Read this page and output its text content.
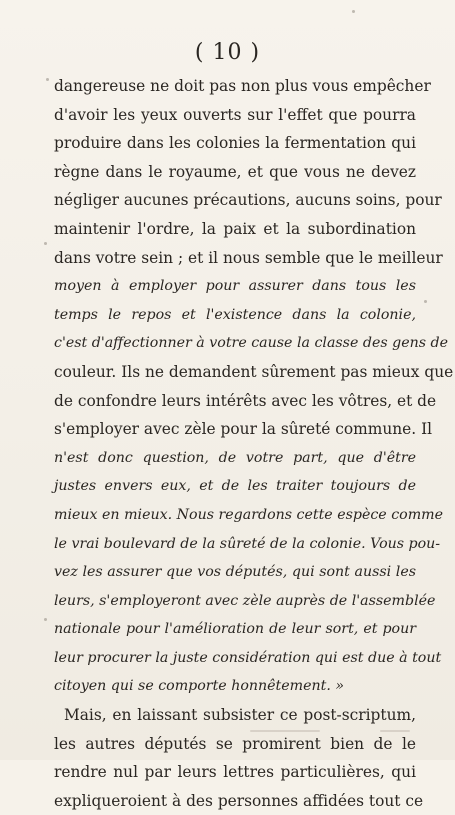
( 10 )
dangereuse ne doit pas non plus vous empêcher
d'avoir les yeux ouverts sur l'effet que pourra
produire dans les colonies la fermentation qui
règne dans le royaume, et que vous ne devez
négliger aucunes précautions, aucuns soins, pour
maintenir l'ordre, la paix et la subordination
dans votre sein ; et il nous semble que le meilleur
moyen à employer pour assurer dans tous les
temps le repos et l'existence dans la colonie,
c'est d'affectionner à votre cause la classe des gens de
couleur. Ils ne demandent sûrement pas mieux que
de confondre leurs intérêts avec les vôtres, et de
s'employer avec zèle pour la sûreté commune. Il
n'est donc question, de votre part, que d'être
justes envers eux, et de les traiter toujours de
mieux en mieux. Nous regardons cette espèce comme
le vrai boulevard de la sûreté de la colonie. Vous pou-
vez les assurer que vos députés, qui sont aussi les
leurs, s'employeront avec zèle auprès de l'assemblée
nationale pour l'amélioration de leur sort, et pour
leur procurer la juste considération qui est due à tout
citoyen qui se comporte honnêtement. »
Mais, en laissant subsister ce post-scriptum,
les autres députés se promirent bien de le
rendre nul par leurs lettres particulières, qui
expliqueroient à des personnes affidées tout ce
